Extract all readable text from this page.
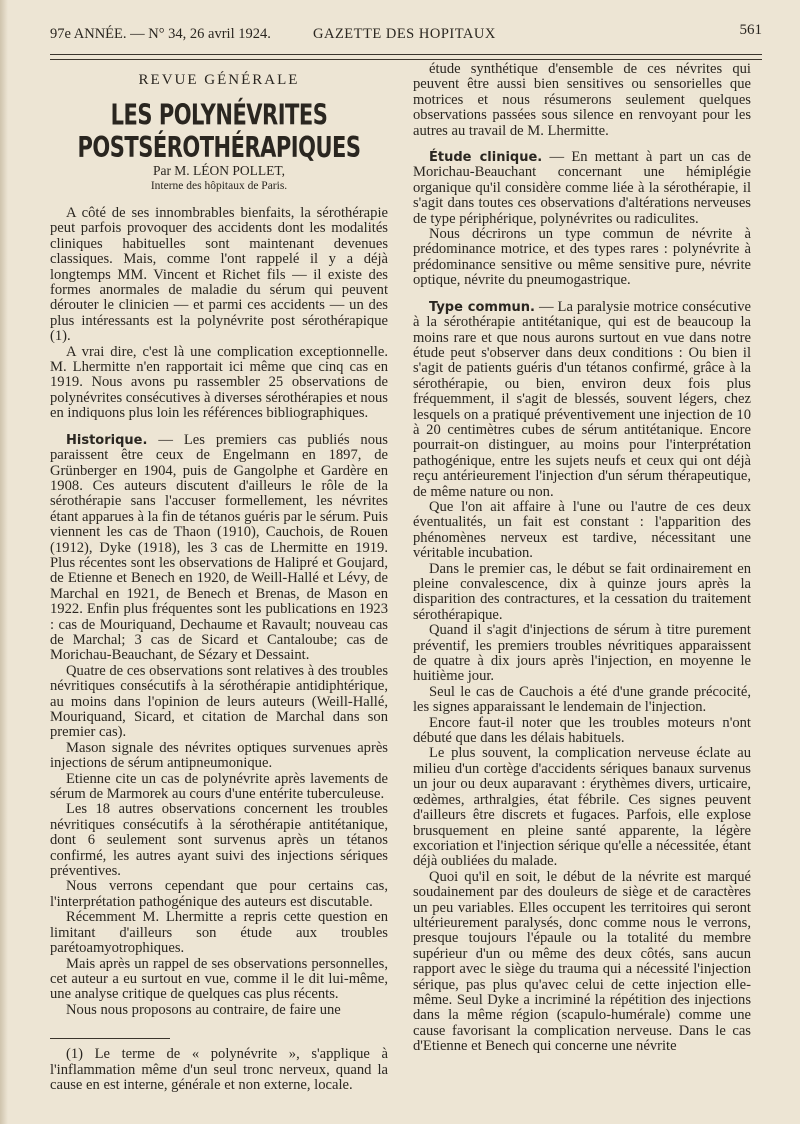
97e ANNÉE. — N° 34, 26 avril 1924.	GAZETTE DES HOPITAUX	561
REVUE GÉNÉRALE
LES POLYNÉVRITES POSTSÉROTHÉRAPIQUES
Par M. LÉON POLLET,
Interne des hôpitaux de Paris.

A côté de ses innombrables bienfaits, la sérothérapie peut parfois provoquer des accidents dont les modalités cliniques habituelles sont maintenant devenues classiques. Mais, comme l'ont rappelé il y a déjà longtemps MM. Vincent et Richet fils — il existe des formes anormales de maladie du sérum qui peuvent dérouter le clinicien — et parmi ces accidents — un des plus intéressants est la polynévrite post sérothérapique (1).

A vrai dire, c'est là une complication exceptionnelle. M. Lhermitte n'en rapportait ici même que cinq cas en 1919. Nous avons pu rassembler 25 observations de polynévrites consécutives à diverses sérothérapies et nous en indiquons plus loin les références bibliographiques.

Historique. — Les premiers cas publiés nous paraissent être ceux de Engelmann en 1897, de Grünberger en 1904, puis de Gangolphe et Gardère en 1908. Ces auteurs discutent d'ailleurs le rôle de la sérothérapie sans l'accuser formellement, les névrites étant apparues à la fin de tétanos guéris par le sérum. Puis viennent les cas de Thaon (1910), Cauchois, de Rouen (1912), Dyke (1918), les 3 cas de Lhermitte en 1919. Plus récentes sont les observations de Halipré et Goujard, de Etienne et Benech en 1920, de Weill-Hallé et Lévy, de Marchal en 1921, de Benech et Brenas, de Mason en 1922. Enfin plus fréquentes sont les publications en 1923 : cas de Mouriquand, Dechaume et Ravault; nouveau cas de Marchal; 3 cas de Sicard et Cantaloube; cas de Morichau-Beauchant, de Sézary et Dessaint.

Quatre de ces observations sont relatives à des troubles névritiques consécutifs à la sérothérapie antidiphtérique, au moins dans l'opinion de leurs auteurs (Weill-Hallé, Mouriquand, Sicard, et citation de Marchal dans son premier cas).

Mason signale des névrites optiques survenues après injections de sérum antipneumonique.

Etienne cite un cas de polynévrite après lavements de sérum de Marmorek au cours d'une entérite tuberculeuse.

Les 18 autres observations concernent les troubles névritiques consécutifs à la sérothérapie antitétanique, dont 6 seulement sont survenus après un tétanos confirmé, les autres ayant suivi des injections sériques préventives.

Nous verrons cependant que pour certains cas, l'interprétation pathogénique des auteurs est discutable.

Récemment M. Lhermitte a repris cette question en limitant d'ailleurs son étude aux troubles parétoamyotrophiques.

Mais après un rappel de ses observations personnelles, cet auteur a eu surtout en vue, comme il le dit lui-même, une analyse critique de quelques cas plus récents.

Nous nous proposons au contraire, de faire une

(1) Le terme de « polynévrite », s'applique à l'inflammation même d'un seul tronc nerveux, quand la cause en est interne, générale et non externe, locale.

étude synthétique d'ensemble de ces névrites qui peuvent être aussi bien sensitives ou sensorielles que motrices et nous résumerons seulement quelques observations passées sous silence en renvoyant pour les autres au travail de M. Lhermitte.

Étude clinique. — En mettant à part un cas de Morichau-Beauchant concernant une hémiplégie organique qu'il considère comme liée à la sérothérapie, il s'agit dans toutes ces observations d'altérations nerveuses de type périphérique, polynévrites ou radiculites.

Nous décrirons un type commun de névrite à prédominance motrice, et des types rares : polynévrite à prédominance sensitive ou même sensitive pure, névrite optique, névrite du pneumogastrique.

Type commun. — La paralysie motrice consécutive à la sérothérapie antitétanique, qui est de beaucoup la moins rare et que nous aurons surtout en vue dans notre étude peut s'observer dans deux conditions : Ou bien il s'agit de patients guéris d'un tétanos confirmé, grâce à la sérothérapie, ou bien, environ deux fois plus fréquemment, il s'agit de blessés, souvent légers, chez lesquels on a pratiqué préventivement une injection de 10 à 20 centimètres cubes de sérum antitétanique. Encore pourrait-on distinguer, au moins pour l'interprétation pathogénique, entre les sujets neufs et ceux qui ont déjà reçu antérieurement l'injection d'un sérum thérapeutique, de même nature ou non.

Que l'on ait affaire à l'une ou l'autre de ces deux éventualités, un fait est constant : l'apparition des phénomènes nerveux est tardive, nécessitant une véritable incubation.

Dans le premier cas, le début se fait ordinairement en pleine convalescence, dix à quinze jours après la disparition des contractures, et la cessation du traitement sérothérapique.

Quand il s'agit d'injections de sérum à titre purement préventif, les premiers troubles névritiques apparaissent de quatre à dix jours après l'injection, en moyenne le huitième jour.

Seul le cas de Cauchois a été d'une grande précocité, les signes apparaissant le lendemain de l'injection.

Encore faut-il noter que les troubles moteurs n'ont débuté que dans les délais habituels.

Le plus souvent, la complication nerveuse éclate au milieu d'un cortège d'accidents sériques banaux survenus un jour ou deux auparavant : érythèmes divers, urticaire, œdèmes, arthralgies, état fébrile. Ces signes peuvent d'ailleurs être discrets et fugaces. Parfois, elle explose brusquement en pleine santé apparente, la légère excoriation et l'injection sérique qu'elle a nécessitée, étant déjà oubliées du malade.

Quoi qu'il en soit, le début de la névrite est marqué soudainement par des douleurs de siège et de caractères un peu variables. Elles occupent les territoires qui seront ultérieurement paralysés, donc comme nous le verrons, presque toujours l'épaule ou la totalité du membre supérieur d'un ou même des deux côtés, sans aucun rapport avec le siège du trauma qui a nécessité l'injection sérique, pas plus qu'avec celui de cette injection elle-même. Seul Dyke a incriminé la répétition des injections dans la même région (scapulo-humérale) comme une cause favorisant la complication nerveuse. Dans le cas d'Etienne et Benech qui concerne une névrite
